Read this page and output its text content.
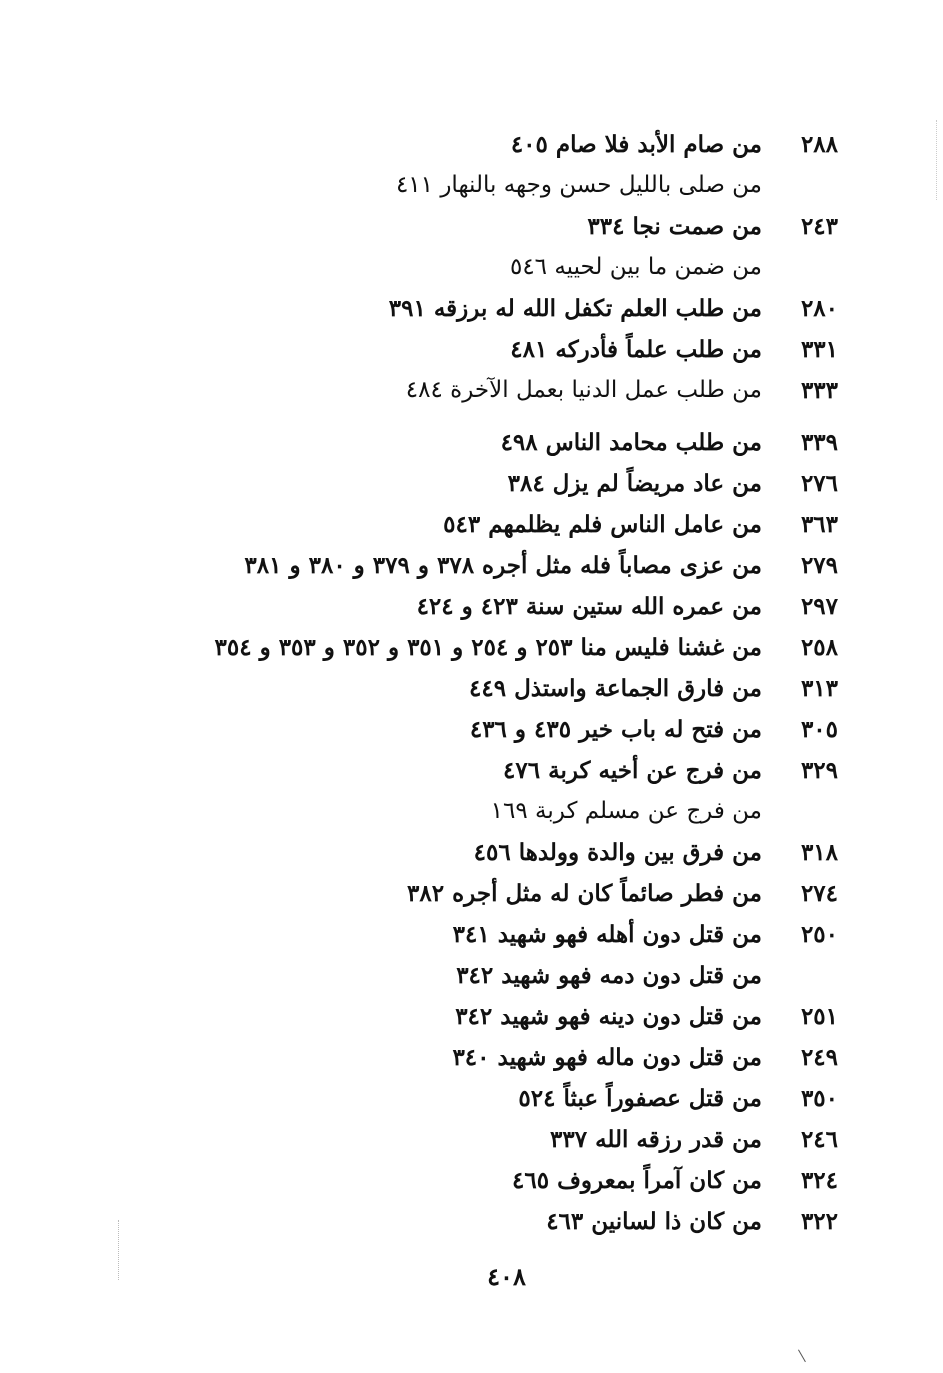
٢٨٨
من صام الأبد فلا صام ٤٠٥
من صلى بالليل حسن وجهه بالنهار ٤١١
٢٤٣
من صمت نجا ٣٣٤
من ضمن ما بين لحييه ٥٤٦
٢٨٠
من طلب العلم تكفل الله له برزقه ٣٩١
٣٣١
من طلب علماً فأدركه ٤٨١
٣٣٣
من طلب عمل الدنيا بعمل الآخرة ٤٨٤
٣٣٩
من طلب محامد الناس ٤٩٨
٢٧٦
من عاد مريضاً لم يزل ٣٨٤
٣٦٣
من عامل الناس فلم يظلمهم ٥٤٣
٢٧٩
من عزى مصاباً فله مثل أجره ٣٧٨ و ٣٧٩ و ٣٨٠ و ٣٨١
٢٩٧
من عمره الله ستين سنة ٤٢٣ و ٤٢٤
٢٥٨
من غشنا فليس منا ٢٥٣ و ٢٥٤ و ٣٥١ و ٣٥٢ و ٣٥٣ و ٣٥٤
٣١٣
من فارق الجماعة واستذل ٤٤٩
٣٠٥
من فتح له باب خير ٤٣٥ و ٤٣٦
٣٢٩
من فرج عن أخيه كربة ٤٧٦
من فرج عن مسلم كربة ١٦٩
٣١٨
من فرق بين والدة وولدها ٤٥٦
٢٧٤
من فطر صائماً كان له مثل أجره ٣٨٢
٢٥٠
من قتل دون أهله فهو شهيد ٣٤١
من قتل دون دمه فهو شهيد ٣٤٢
٢٥١
من قتل دون دينه فهو شهيد ٣٤٢
٢٤٩
من قتل دون ماله فهو شهيد ٣٤٠
٣٥٠
من قتل عصفوراً عبثاً ٥٢٤
٢٤٦
من قدر رزقه الله ٣٣٧
٣٢٤
من كان آمراً بمعروف ٤٦٥
٣٢٢
من كان ذا لسانين ٤٦٣
٤٠٨
